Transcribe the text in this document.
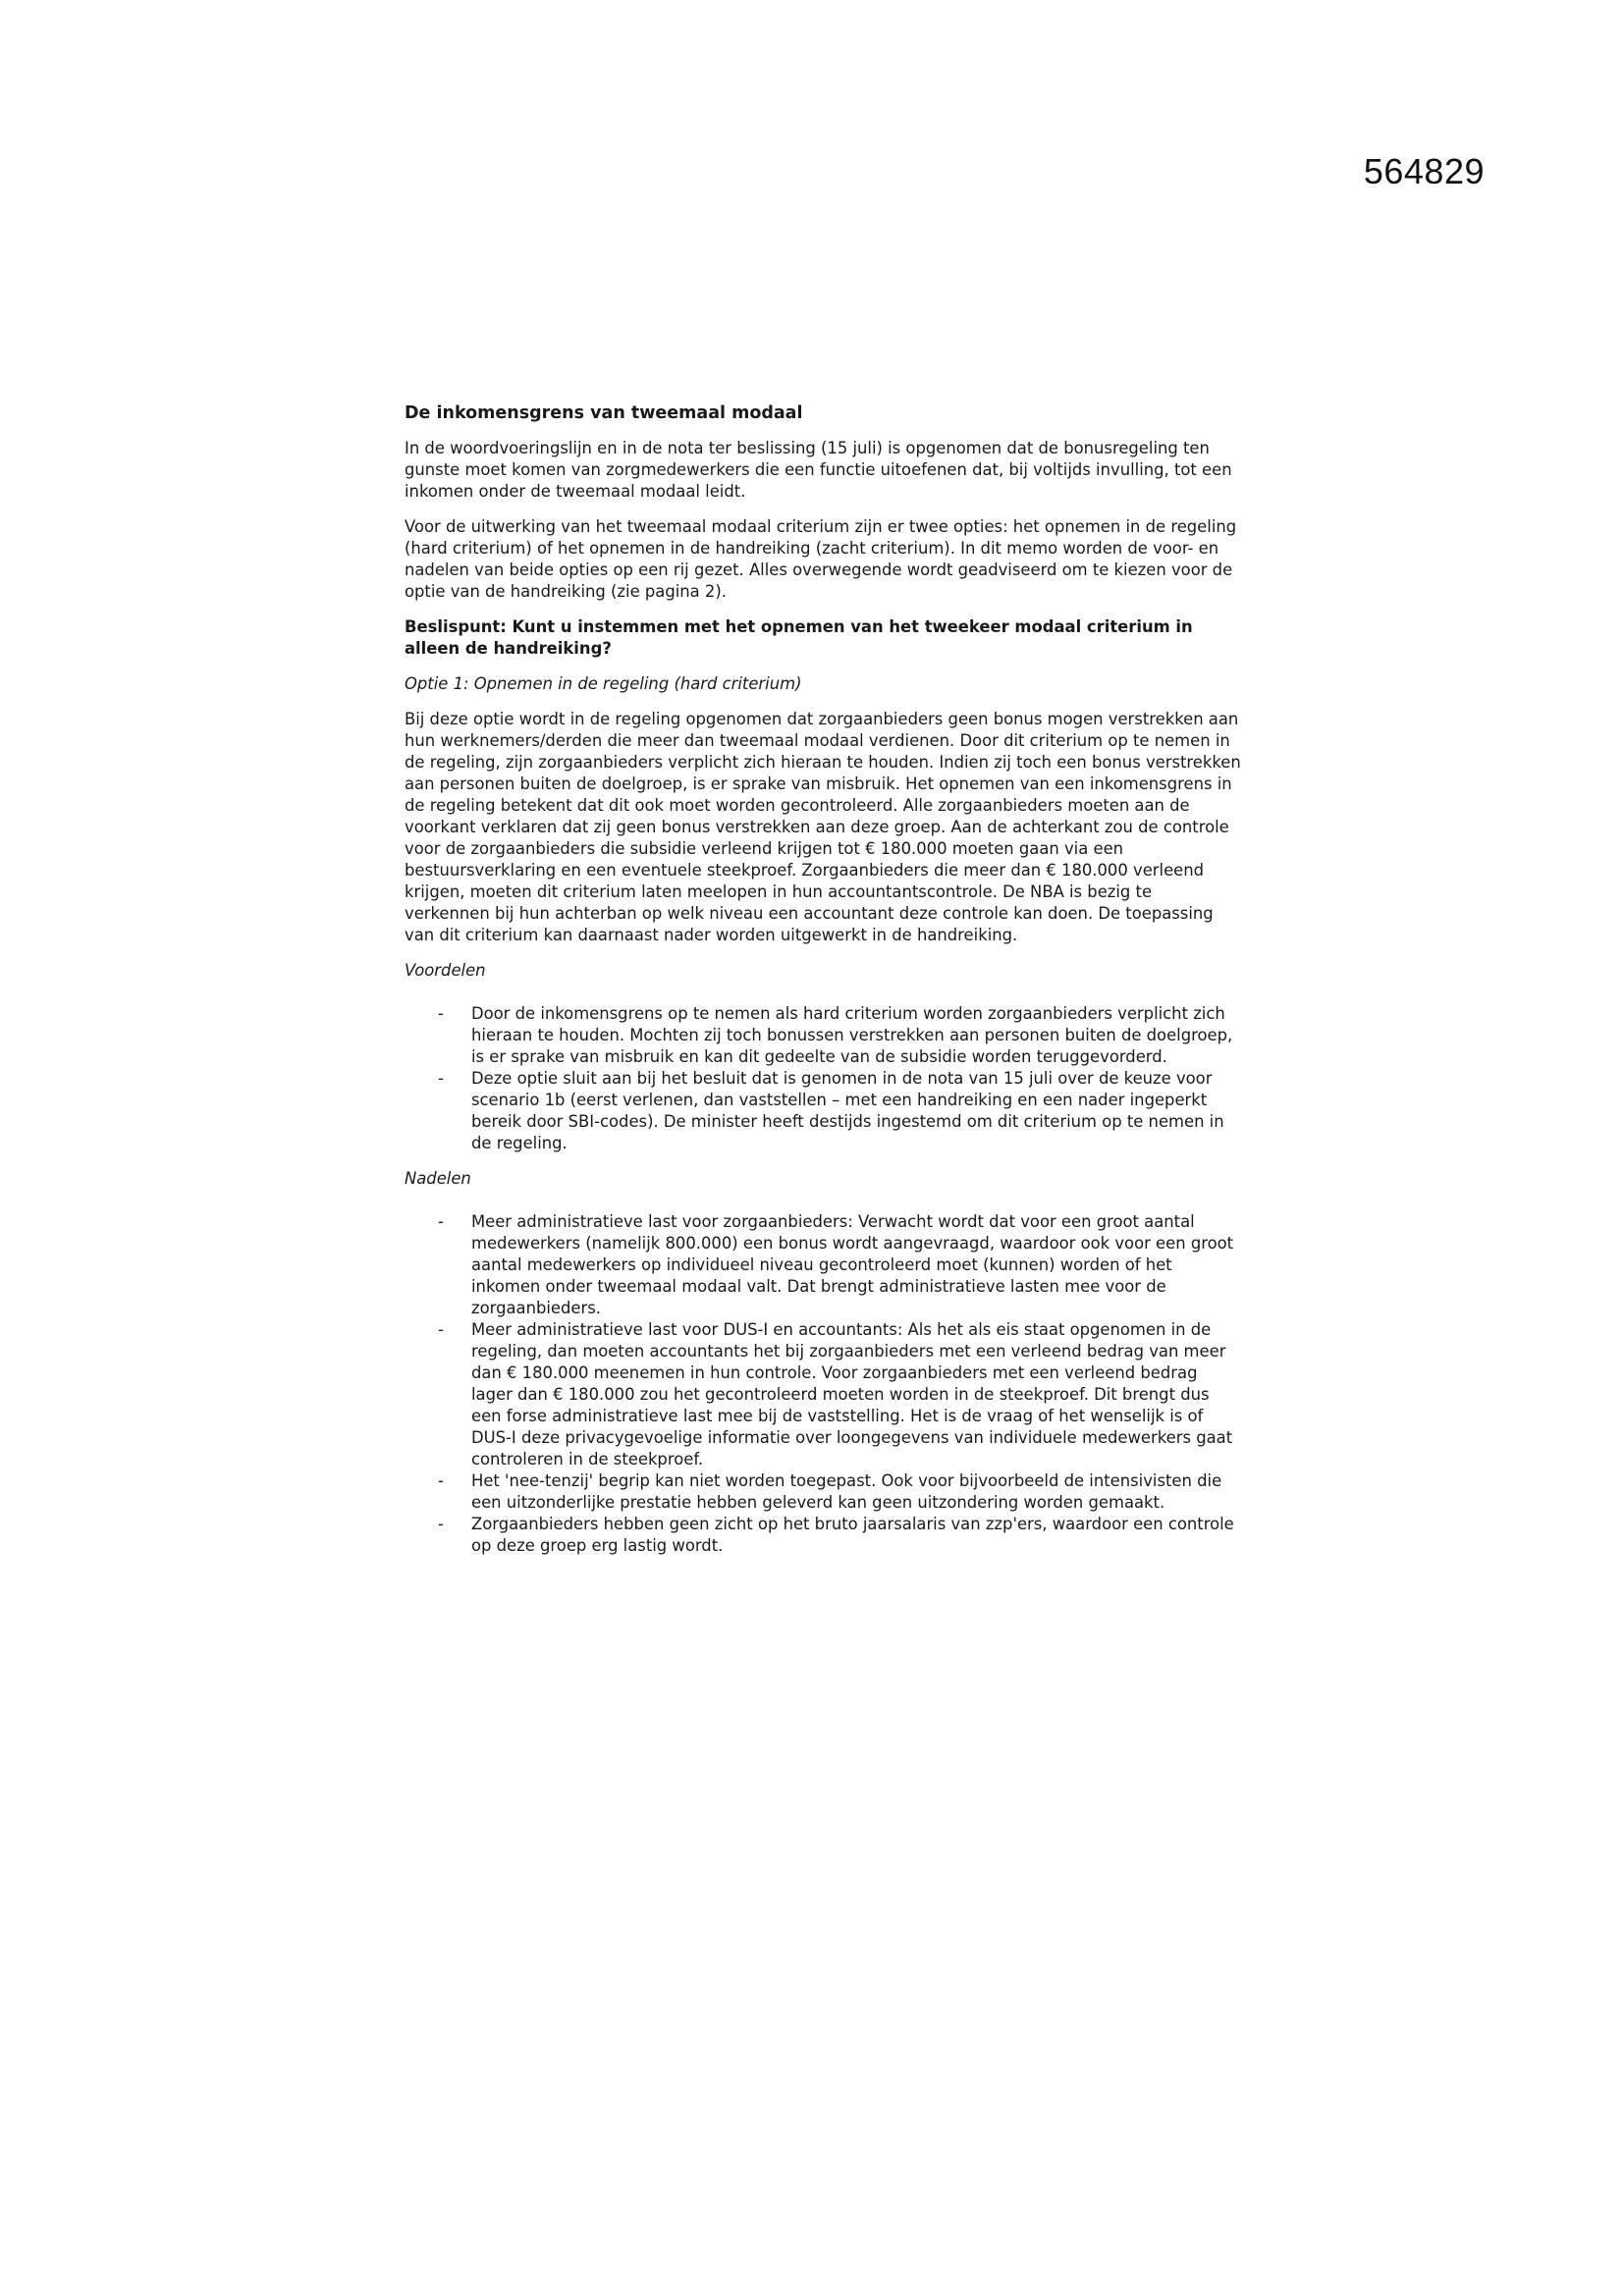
564829

De inkomensgrens van tweemaal modaal

In de woordvoeringslijn en in de nota ter beslissing (15 juli) is opgenomen dat de bonusregeling ten gunste moet komen van zorgmedewerkers die een functie uitoefenen dat, bij voltijds invulling, tot een inkomen onder de tweemaal modaal leidt.

Voor de uitwerking van het tweemaal modaal criterium zijn er twee opties: het opnemen in de regeling (hard criterium) of het opnemen in de handreiking (zacht criterium). In dit memo worden de voor- en nadelen van beide opties op een rij gezet. Alles overwegende wordt geadviseerd om te kiezen voor de optie van de handreiking (zie pagina 2).

Beslispunt: Kunt u instemmen met het opnemen van het tweekeer modaal criterium in alleen de handreiking?

Optie 1: Opnemen in de regeling (hard criterium)

Bij deze optie wordt in de regeling opgenomen dat zorgaanbieders geen bonus mogen verstrekken aan hun werknemers/derden die meer dan tweemaal modaal verdienen. Door dit criterium op te nemen in de regeling, zijn zorgaanbieders verplicht zich hieraan te houden. Indien zij toch een bonus verstrekken aan personen buiten de doelgroep, is er sprake van misbruik. Het opnemen van een inkomensgrens in de regeling betekent dat dit ook moet worden gecontroleerd. Alle zorgaanbieders moeten aan de voorkant verklaren dat zij geen bonus verstrekken aan deze groep. Aan de achterkant zou de controle voor de zorgaanbieders die subsidie verleend krijgen tot € 180.000 moeten gaan via een bestuursverklaring en een eventuele steekproef. Zorgaanbieders die meer dan € 180.000 verleend krijgen, moeten dit criterium laten meelopen in hun accountantscontrole. De NBA is bezig te verkennen bij hun achterban op welk niveau een accountant deze controle kan doen. De toepassing van dit criterium kan daarnaast nader worden uitgewerkt in de handreiking.

Voordelen

- Door de inkomensgrens op te nemen als hard criterium worden zorgaanbieders verplicht zich hieraan te houden. Mochten zij toch bonussen verstrekken aan personen buiten de doelgroep, is er sprake van misbruik en kan dit gedeelte van de subsidie worden teruggevorderd.
- Deze optie sluit aan bij het besluit dat is genomen in de nota van 15 juli over de keuze voor scenario 1b (eerst verlenen, dan vaststellen – met een handreiking en een nader ingeperkt bereik door SBI-codes). De minister heeft destijds ingestemd om dit criterium op te nemen in de regeling.

Nadelen

- Meer administratieve last voor zorgaanbieders: Verwacht wordt dat voor een groot aantal medewerkers (namelijk 800.000) een bonus wordt aangevraagd, waardoor ook voor een groot aantal medewerkers op individueel niveau gecontroleerd moet (kunnen) worden of het inkomen onder tweemaal modaal valt. Dat brengt administratieve lasten mee voor de zorgaanbieders.
- Meer administratieve last voor DUS-I en accountants: Als het als eis staat opgenomen in de regeling, dan moeten accountants het bij zorgaanbieders met een verleend bedrag van meer dan € 180.000 meenemen in hun controle. Voor zorgaanbieders met een verleend bedrag lager dan € 180.000 zou het gecontroleerd moeten worden in de steekproef. Dit brengt dus een forse administratieve last mee bij de vaststelling. Het is de vraag of het wenselijk is of DUS-I deze privacygevoelige informatie over loongegevens van individuele medewerkers gaat controleren in de steekproef.
- Het 'nee-tenzij' begrip kan niet worden toegepast. Ook voor bijvoorbeeld de intensivisten die een uitzonderlijke prestatie hebben geleverd kan geen uitzondering worden gemaakt.
- Zorgaanbieders hebben geen zicht op het bruto jaarsalaris van zzp'ers, waardoor een controle op deze groep erg lastig wordt.
